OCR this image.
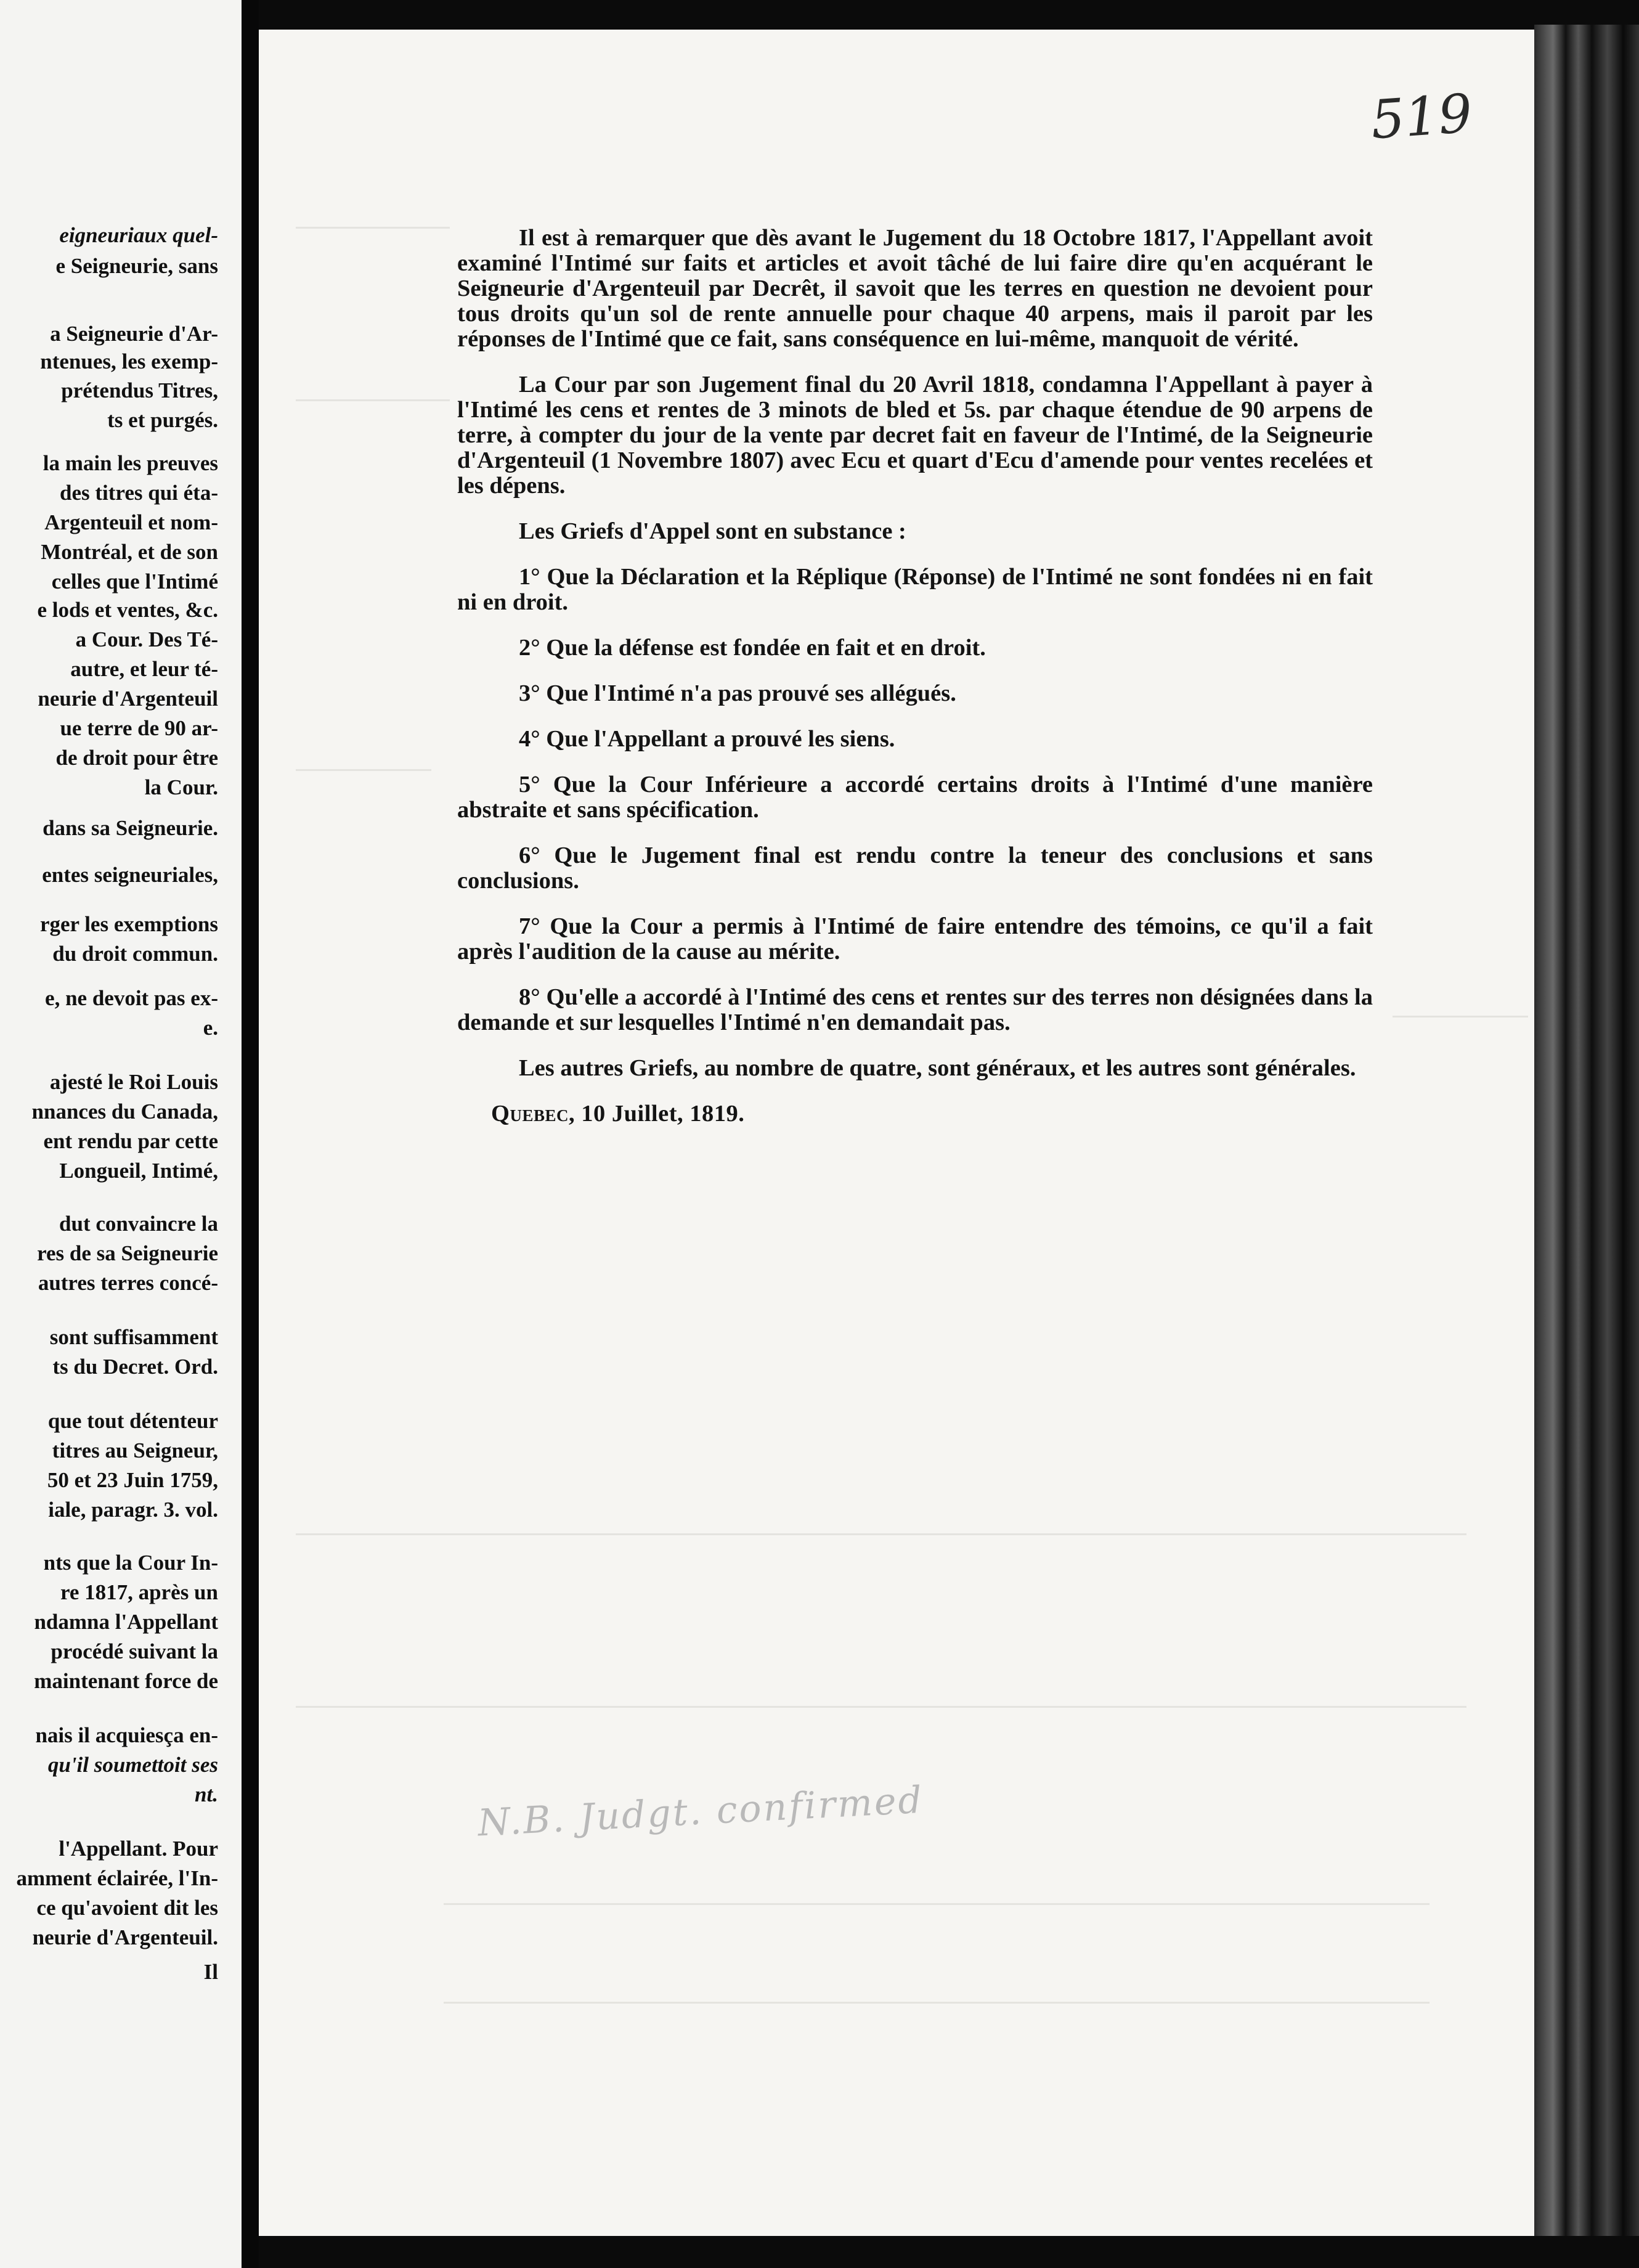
eigneuriaux quel-
e Seigneurie, sans
a Seigneurie d'Ar-
ntenues, les exemp-
prétendus Titres,
ts et purgés.
la main les preuves
des titres qui éta-
Argenteuil et nom-
Montréal, et de son
celles que l'Intimé
e lods et ventes, &c.
a Cour. Des Té-
autre, et leur té-
neurie d'Argenteuil
ue terre de 90 ar-
de droit pour être
la Cour.
dans sa Seigneurie.
entes seigneuriales,
rger les exemptions
du droit commun.
e, ne devoit pas ex-
e.
ajesté le Roi Louis
nnances du Canada,
ent rendu par cette
Longueil, Intimé,
dut convaincre la
res de sa Seigneurie
autres terres concé-
sont suffisamment
ts du Decret. Ord.
que tout détenteur
titres au Seigneur,
50 et 23 Juin 1759,
iale, paragr. 3. vol.
nts que la Cour In-
re 1817, après un
ndamna l'Appellant
procédé suivant la
maintenant force de
nais il acquiesça en-
qu'il soumettoit ses
nt.
l'Appellant. Pour
amment éclairée, l'In-
ce qu'avoient dit les
neurie d'Argenteuil.
Il
519

Il est à remarquer que dès avant le Jugement du 18 Octobre 1817, l'Appellant avoit examiné l'Intimé sur faits et articles et avoit tâché de lui faire dire qu'en acquérant le Seigneurie d'Argenteuil par Decrêt, il savoit que les terres en question ne devoient pour tous droits qu'un sol de rente annuelle pour chaque 40 arpens, mais il paroit par les réponses de l'Intimé que ce fait, sans conséquence en lui-même, manquoit de vérité.

La Cour par son Jugement final du 20 Avril 1818, condamna l'Appellant à payer à l'Intimé les cens et rentes de 3 minots de bled et 5s. par chaque étendue de 90 arpens de terre, à compter du jour de la vente par decret fait en faveur de l'Intimé, de la Seigneurie d'Argenteuil (1 Novembre 1807) avec Ecu et quart d'Ecu d'amende pour ventes recelées et les dépens.

Les Griefs d'Appel sont en substance :

1° Que la Déclaration et la Réplique (Réponse) de l'Intimé ne sont fondées ni en fait ni en droit.

2° Que la défense est fondée en fait et en droit.

3° Que l'Intimé n'a pas prouvé ses allégués.

4° Que l'Appellant a prouvé les siens.

5° Que la Cour Inférieure a accordé certains droits à l'Intimé d'une manière abstraite et sans spécification.

6° Que le Jugement final est rendu contre la teneur des conclusions et sans conclusions.

7° Que la Cour a permis à l'Intimé de faire entendre des témoins, ce qu'il a fait après l'audition de la cause au mérite.

8° Qu'elle a accordé à l'Intimé des cens et rentes sur des terres non désignées dans la demande et sur lesquelles l'Intimé n'en demandait pas.

Les autres Griefs, au nombre de quatre, sont généraux, et les autres sont générales.

Quebec, 10 Juillet, 1819.

N.B. Judgt. confirmed
